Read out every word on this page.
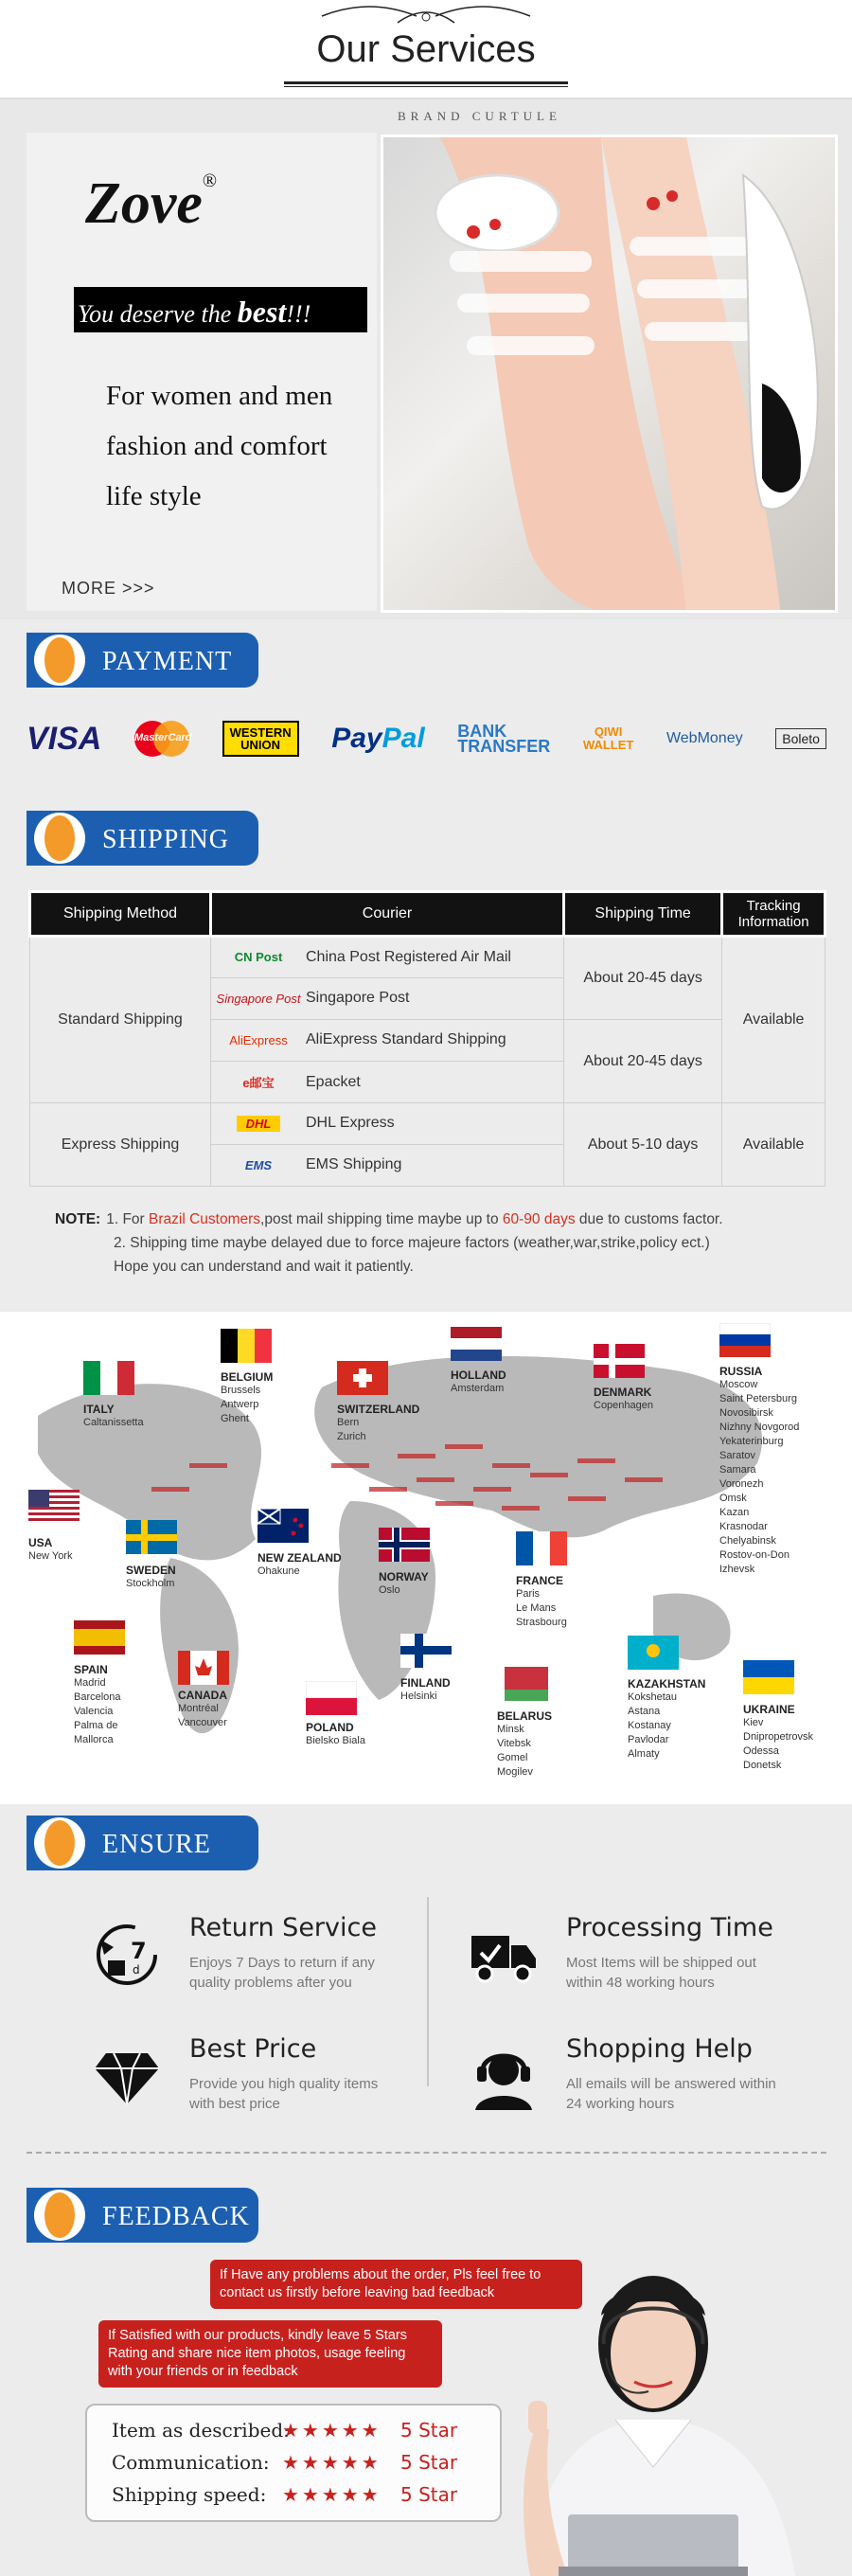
Our Services
BRAND CURTULE
Zove®
You deserve the best!!!
For women and men
fashion and comfort
life style
MORE >>>
PAYMENT
VISA	MasterCard	WESTERN
UNION Pay Pal BANK
TRANSFER
QIWI
WALLET WebMoney	Boleto
SHIPPING
Shipping Method	Courier	Shipping Time	Tracking Information
Standard Shipping	CN Post China Post Registered Air Mail	About 20-45 days	Available
	Singapore Post Singapore Post		
	AliExpress AliExpress Standard Shipping	About 20-45 days	
	e邮宝 Epacket		
Express Shipping	DHL DHL Express	About 5-10 days	Available
	EMS EMS Shipping		
NOTE: 1. For Brazil Customers,post mail shipping time maybe up to 60-90 days due to customs factor.
2. Shipping time maybe delayed due to force majeure factors (weather,war,strike,policy ect.)
Hope you can understand and wait it patiently.
ITALY
Caltanissetta
BELGIUM
Brussels
Antwerp
Ghent
SWITZERLAND
Bern
Zurich
HOLLAND
Amsterdam	DENMARK
Copenhagen
RUSSIA
Moscow
Saint Petersburg
Novosibirsk
Nizhny Novgorod
Yekaterinburg
Saratov
Samara
Voronezh
Omsk
Kazan
Krasnodar
Chelyabinsk
Rostov-on-Don
Izhevsk
USA
New York
SWEDEN
Stockholm
NEW ZEALAND
Ohakune	NORWAY
Oslo
FRANCE
Paris
Le Mans
Strasbourg
SPAIN
Madrid
Barcelona
Valencia
Palma de
Mallorca
CANADA
Montréal
Vancouver	POLAND
Bielsko Biala
FINLAND
Helsinki
BELARUS
Minsk
Vitebsk
Gomel
Mogilev
KAZAKHSTAN
Kokshetau
Astana
Kostanay
Pavlodar
Almaty
UKRAINE
Kiev
Dnipropetrovsk
Odessa
Donetsk
ENSURE
7
d
Return Service
Enjoys 7 Days to return if any quality problems after you
Processing Time
Most Items will be shipped out within 48 working hours
Best Price
Provide you high quality items with best price
Shopping Help
All emails will be answered within 24 working hours
FEEDBACK
If Have any problems about the order, Pls feel free to contact us firstly before leaving bad feedback
If Satisfied with our products, kindly leave 5 Stars Rating and share nice item photos, usage feeling with your friends or in feedback
Item as described:
★★★★★ 5 Star
Communication: ★★★★★ 5 Star
Shipping speed: ★★★★★ 5 Star
